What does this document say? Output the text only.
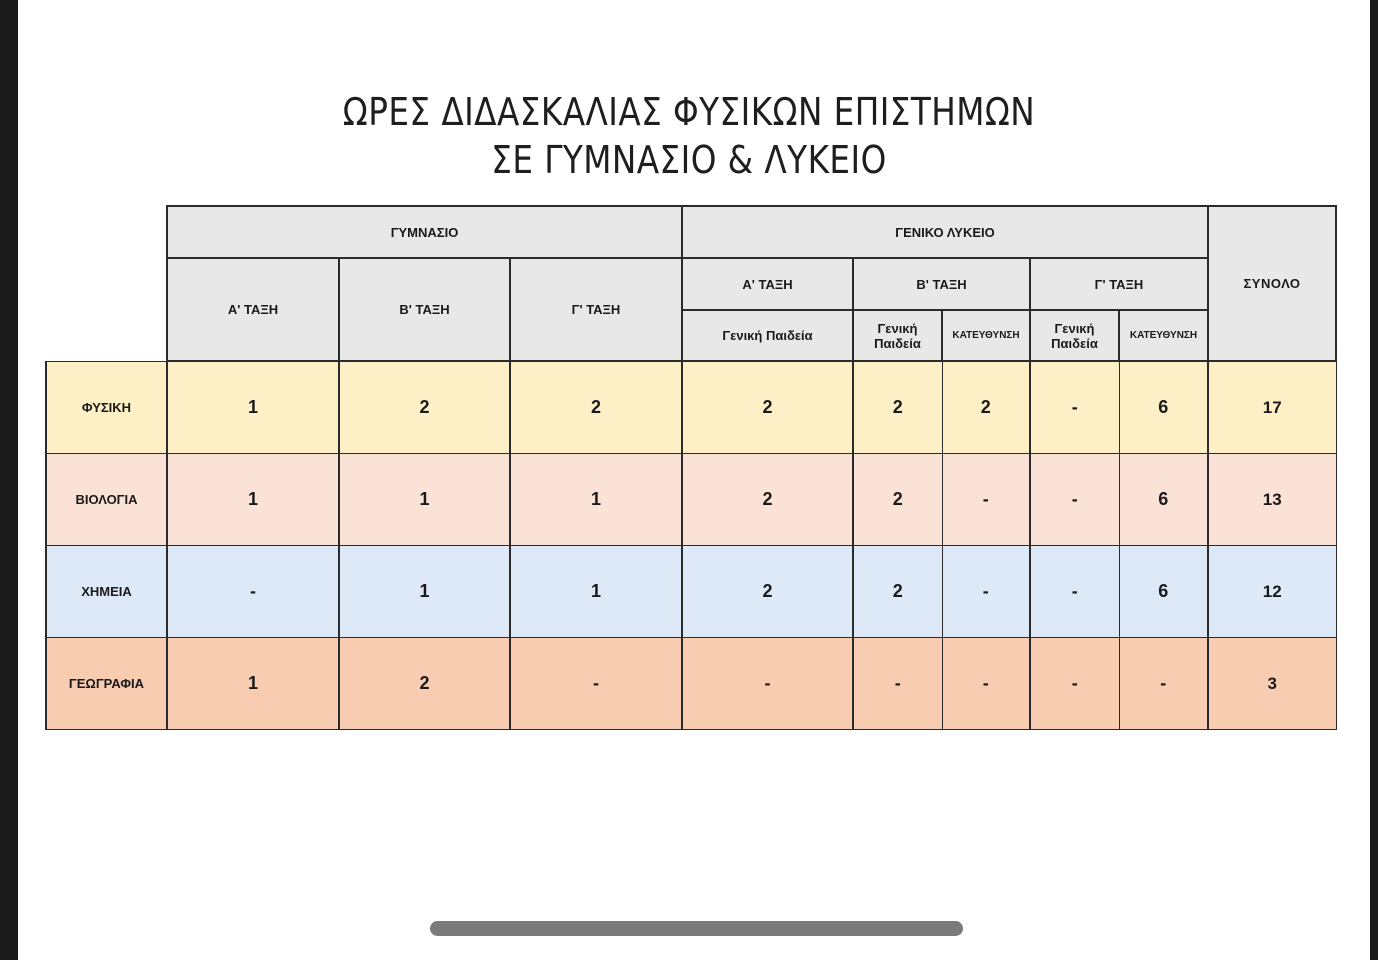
ΩΡΕΣ ΔΙΔΑΣΚΑΛΙΑΣ ΦΥΣΙΚΩΝ ΕΠΙΣΤΗΜΩΝ
ΣΕ ΓΥΜΝΑΣΙΟ & ΛΥΚΕΙΟ
	ΓΥΜΝΑΣΙΟ			ΓΕΝΙΚΟ ΛΥΚΕΙΟ					ΣΥΝΟΛΟ
	Α' ΤΑΞΗ	Β' ΤΑΞΗ	Γ' ΤΑΞΗ	Α' ΤΑΞΗ	Β' ΤΑΞΗ		Γ' ΤΑΞΗ		
				Γενική Παιδεία	Γενική Παιδεία	ΚΑΤΕΥΘΥΝΣΗ	Γενική Παιδεία	ΚΑΤΕΥΘΥΝΣΗ	
ΦΥΣΙΚΗ	1	2	2	2	2	2	-	6	17
ΒΙΟΛΟΓΙΑ	1	1	1	2	2	-	-	6	13
ΧΗΜΕΙΑ	-	1	1	2	2	-	-	6	12
ΓΕΩΓΡΑΦΙΑ	1	2	-	-	-	-	-	-	3
